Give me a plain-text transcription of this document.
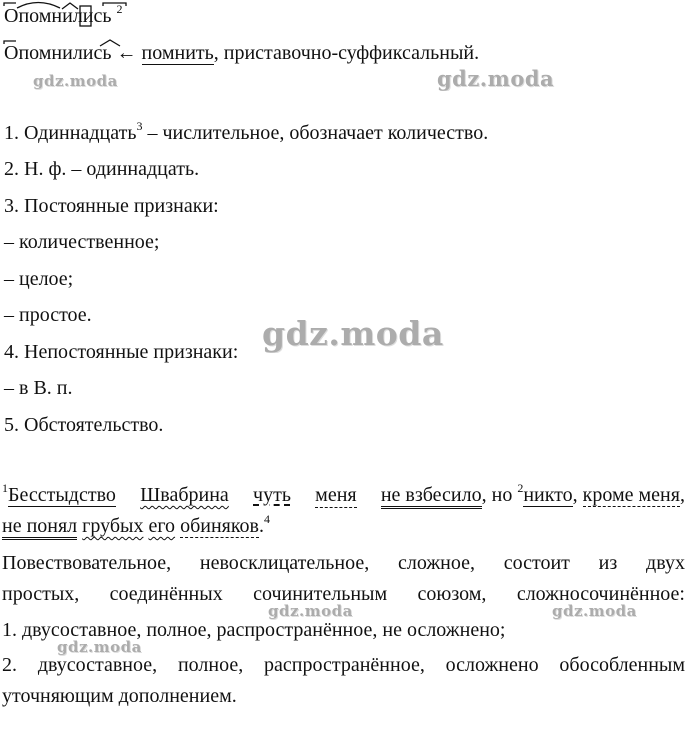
Опомнились $^2$
Опомнились ← помнить, приставочно-суффиксальный.
gdz.moda	gdz.moda
1. Одиннадцать$^3$ – числительное, обозначает количество.
2. Н. ф. – одиннадцать.
3. Постоянные признаки:
– количественное;
– целое;
– простое.
4. Непостоянные признаки:
– в В. п.
5. Обстоятельство.
gdz.moda
$^1$Бесстыдство Швабрина чуть меня не взбесило, но $^2$никто, кроме меня,
не понял грубых его обиняков.$^4$
Повествовательное, невосклицательное, сложное, состоит из двух
простых, соединённых сочинительным союзом, сложносочинённое:
1. двусоставное, полное, распространённое, не осложнено;
2. двусоставное, полное, распространённое, осложнено обособленным
уточняющим дополнением.
gdz.moda	gdz.moda
gdz.moda
